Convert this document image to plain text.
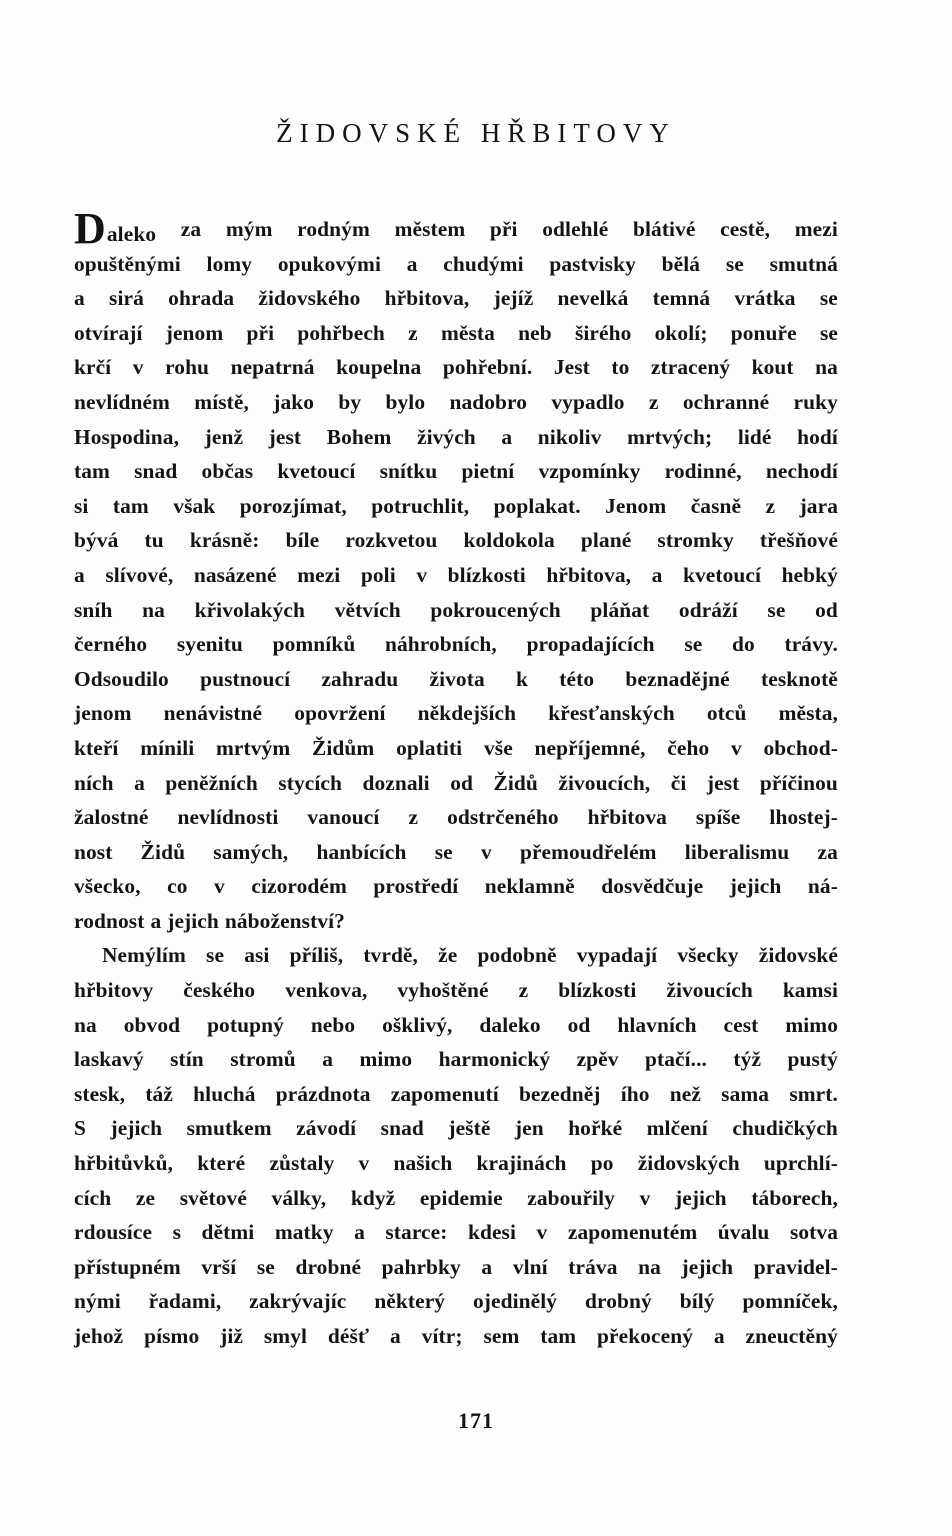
ŽIDOVSKÉ HŘBITOVY
Daleko za mým rodným městem při odlehlé blátivé cestě, mezi
opuštěnými lomy opukovými a chudými pastvisky bělá se smutná
a sirá ohrada židovského hřbitova, jejíž nevelká temná vrátka se
otvírají jenom při pohřbech z města neb širého okolí; ponuře se
krčí v rohu nepatrná koupelna pohřební. Jest to ztracený kout na
nevlídném místě, jako by bylo nadobro vypadlo z ochranné ruky
Hospodina, jenž jest Bohem živých a nikoliv mrtvých; lidé hodí
tam snad občas kvetoucí snítku pietní vzpomínky rodinné, nechodí
si tam však porozjímat, potruchlit, poplakat. Jenom časně z jara
bývá tu krásně: bíle rozkvetou koldokola plané stromky třešňové
a slívové, nasázené mezi poli v blízkosti hřbitova, a kvetoucí hebký
sníh na křivolakých větvích pokroucených pláňat odráží se od
černého syenitu pomníků náhrobních, propadajících se do trávy.
Odsoudilo pustnoucí zahradu života k této beznadějné tesknotě
jenom nenávistné opovržení někdejších křesťanských otců města,
kteří mínili mrtvým Židům oplatiti vše nepříjemné, čeho v obchod-
ních a peněžních stycích doznali od Židů živoucích, či jest příčinou
žalostné nevlídnosti vanoucí z odstrčeného hřbitova spíše lhostej-
nost Židů samých, hanbících se v přemoudřelém liberalismu za
všecko, co v cizorodém prostředí neklamně dosvědčuje jejich ná-
rodnost a jejich náboženství?
Nemýlím se asi příliš, tvrdě, že podobně vypadají všecky židovské
hřbitovy českého venkova, vyhoštěné z blízkosti živoucích kamsi
na obvod potupný nebo ošklivý, daleko od hlavních cest mimo
laskavý stín stromů a mimo harmonický zpěv ptačí... týž pustý
stesk, táž hluchá prázdnota zapomenutí bezedněj ího než sama smrt.
S jejich smutkem závodí snad ještě jen hořké mlčení chudičkých
hřbitůvků, které zůstaly v našich krajinách po židovských uprchlí-
cích ze světové války, když epidemie zabouřily v jejich táborech,
rdousíce s dětmi matky a starce: kdesi v zapomenutém úvalu sotva
přístupném vrší se drobné pahrbky a vlní tráva na jejich pravidel-
nými řadami, zakrývajíc některý ojedinělý drobný bílý pomníček,
jehož písmo již smyl déšť a vítr; sem tam překocený a zneuctěný
171
